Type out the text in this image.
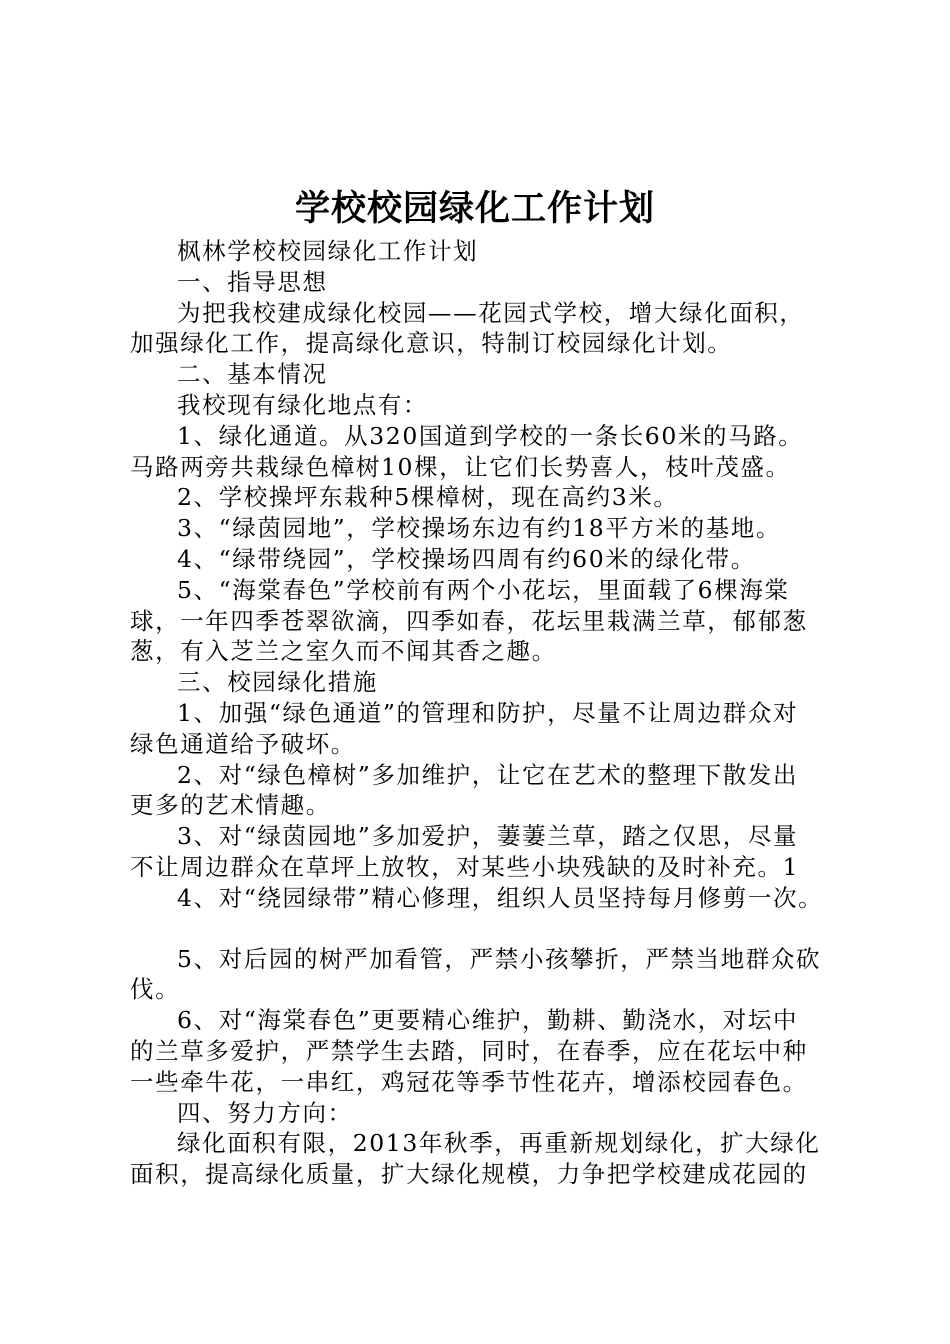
学校校园绿化工作计划

枫林学校校园绿化工作计划

一、指导思想

为把我校建成绿化校园——花园式学校，增大绿化面积，
加强绿化工作，提高绿化意识，特制订校园绿化计划。

二、基本情况

我校现有绿化地点有：

1、绿化通道。从320国道到学校的一条长60米的马路。
马路两旁共栽绿色樟树10棵，让它们长势喜人，枝叶茂盛。

2、学校操坪东栽种5棵樟树，现在高约3米。

3、“绿茵园地”，学校操场东边有约18平方米的基地。

4、“绿带绕园”，学校操场四周有约60米的绿化带。

5、“海棠春色”学校前有两个小花坛，里面载了6棵海棠
球，一年四季苍翠欲滴，四季如春，花坛里栽满兰草，郁郁葱
葱，有入芝兰之室久而不闻其香之趣。

三、校园绿化措施

1、加强“绿色通道”的管理和防护，尽量不让周边群众对
绿色通道给予破坏。

2、对“绿色樟树”多加维护，让它在艺术的整理下散发出
更多的艺术情趣。

3、对“绿茵园地”多加爱护，萋萋兰草，踏之仅思，尽量
不让周边群众在草坪上放牧，对某些小块残缺的及时补充。1

4、对“绕园绿带”精心修理，组织人员坚持每月修剪一次。

5、对后园的树严加看管，严禁小孩攀折，严禁当地群众砍
伐。

6、对“海棠春色”更要精心维护，勤耕、勤浇水，对坛中
的兰草多爱护，严禁学生去踏，同时，在春季，应在花坛中种
一些牵牛花，一串红，鸡冠花等季节性花卉，增添校园春色。

四、努力方向：

绿化面积有限，2013年秋季，再重新规划绿化，扩大绿化
面积，提高绿化质量，扩大绿化规模，力争把学校建成花园的
